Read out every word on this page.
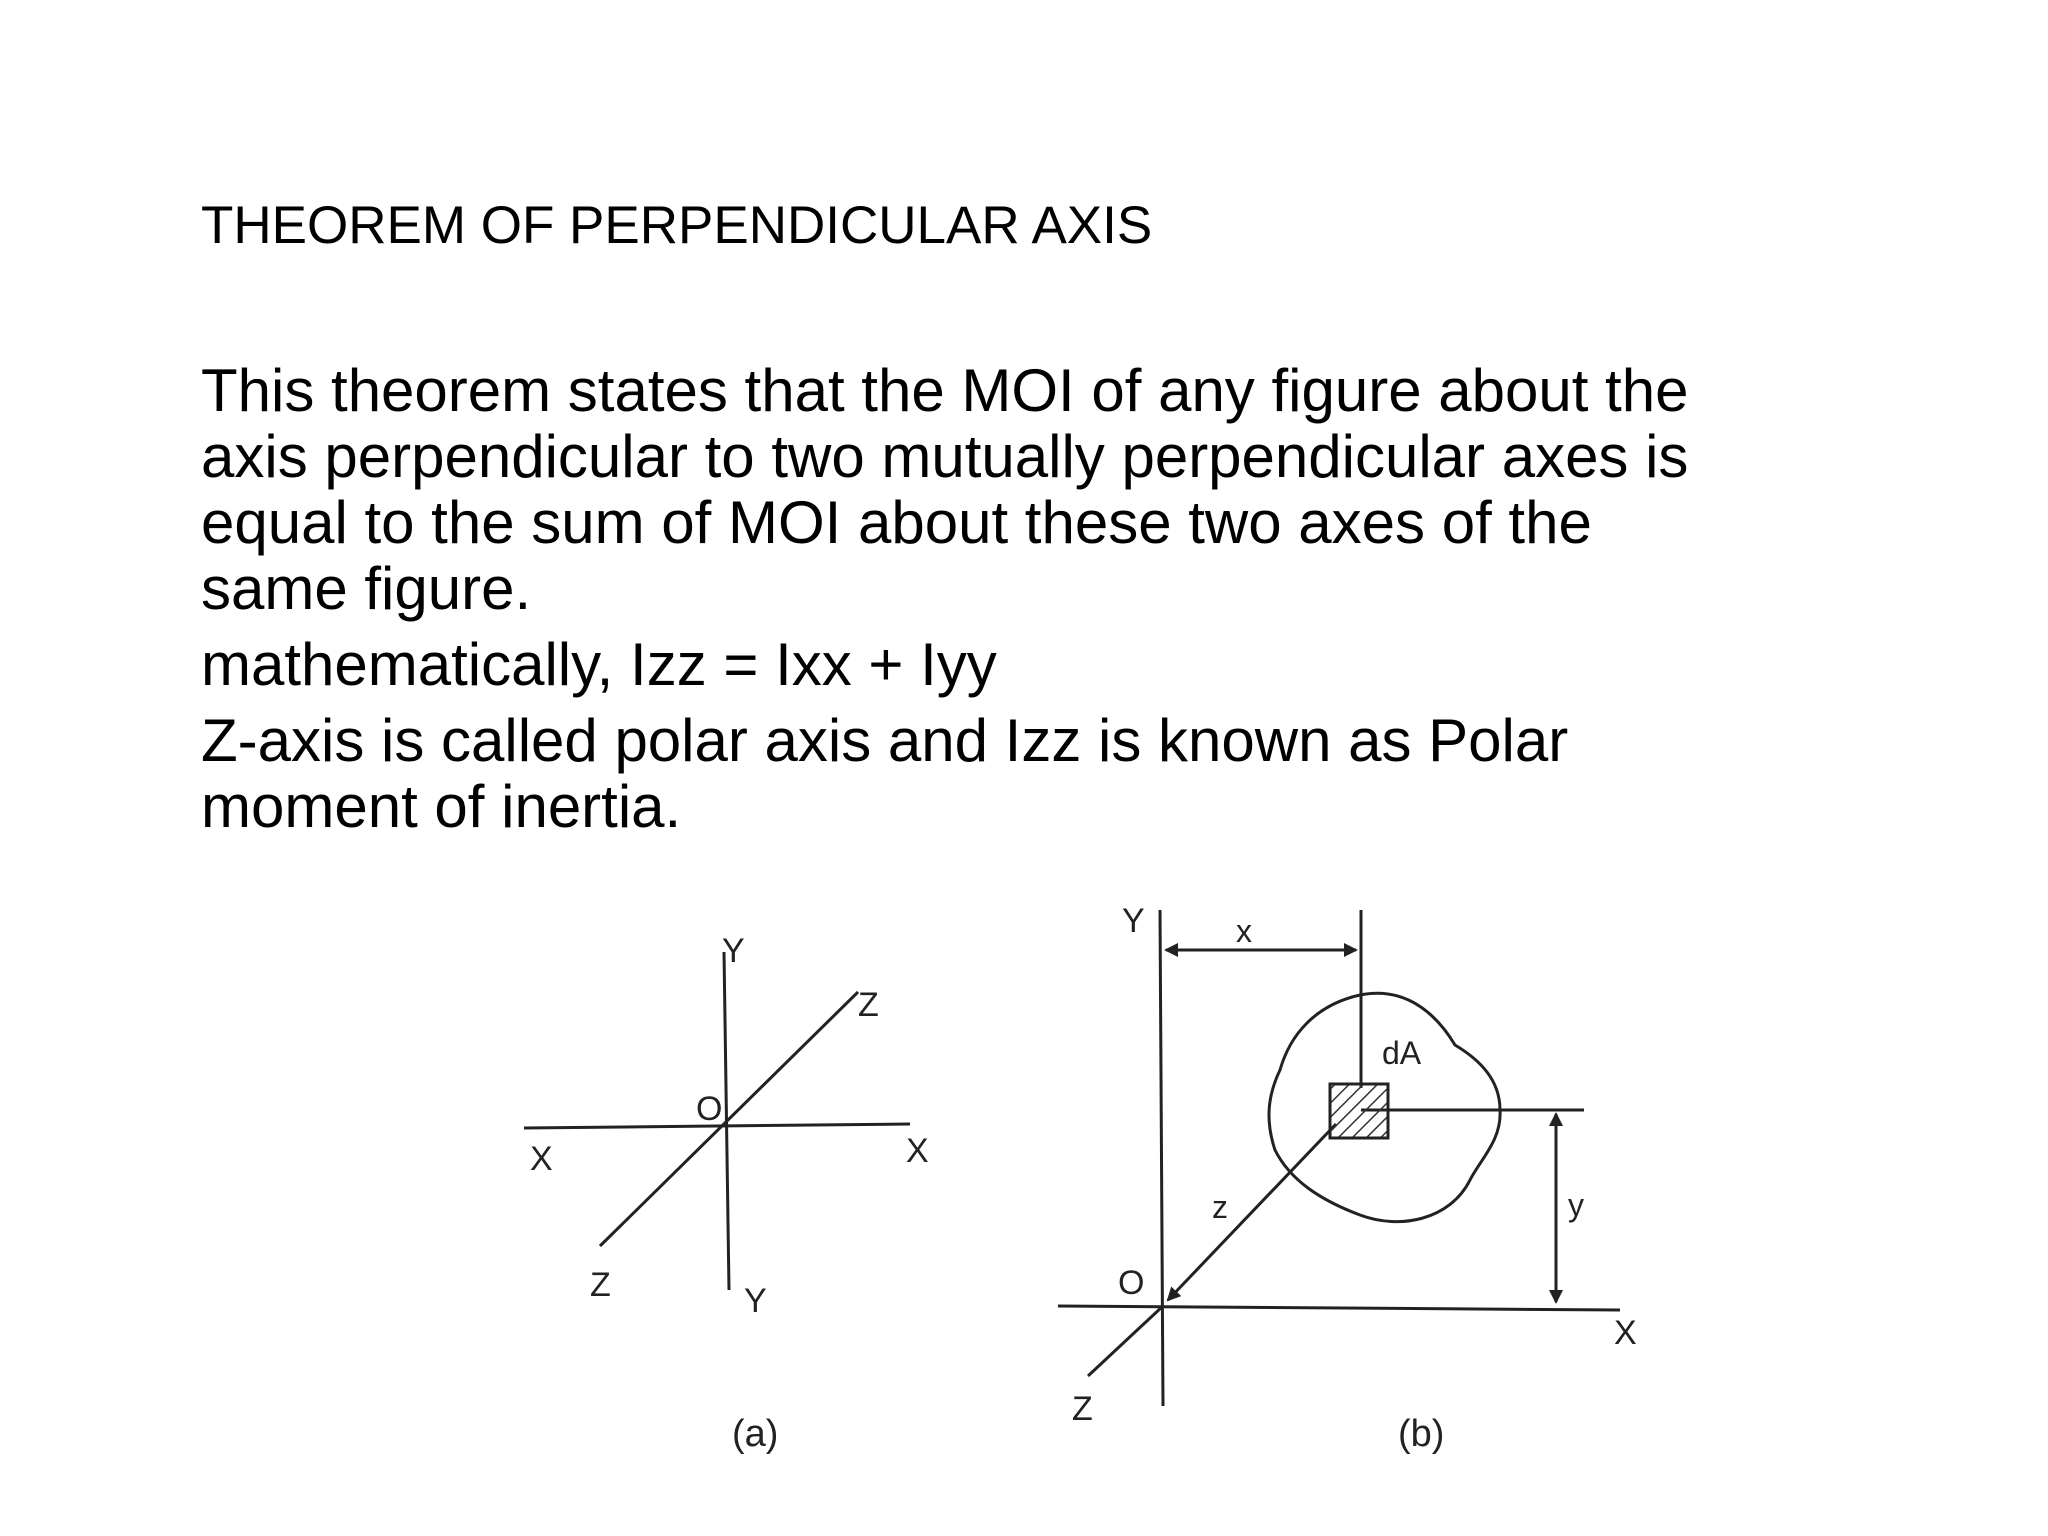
THEOREM OF PERPENDICULAR AXIS
This theorem states that the MOI of any figure about the
axis perpendicular to two mutually perpendicular axes is
equal to the sum of MOI about these two axes of the
same figure.
mathematically, Izz = Ixx + Iyy
Z-axis is called polar axis and Izz is known as Polar
moment of inertia.
Y
Y
X	X
Z
Z
O
(a)
Y
X
Z
O
x
y
z
dA
(b)
